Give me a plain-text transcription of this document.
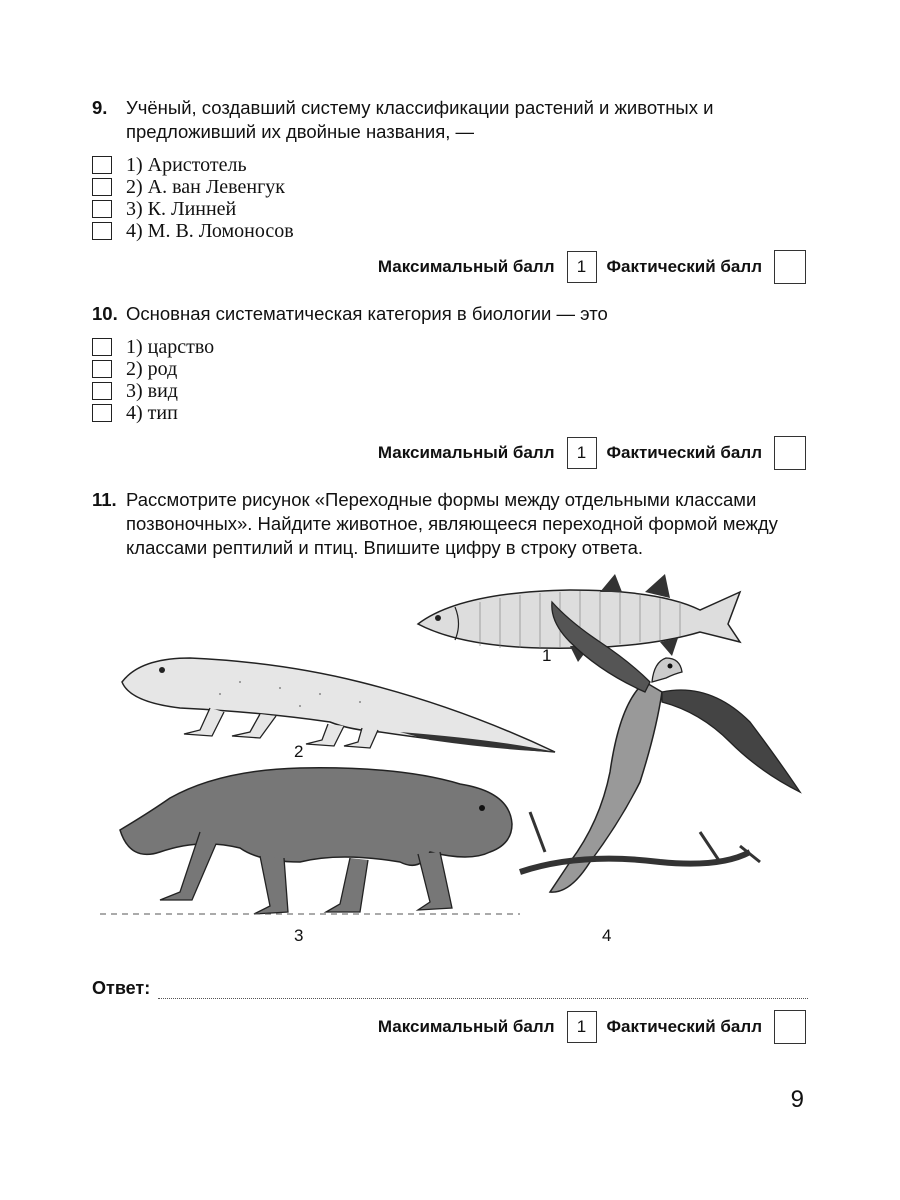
9.	Учёный, создавший систему классификации растений и животных и предложивший их двойные названия, —
1) Аристотель
2) А. ван Левенгук
3) К. Линней
4) М. В. Ломоносов
Максимальный балл	1	Фактический балл
10. Основная систематическая категория в биологии — это
1) царство
2) род
3) вид
4) тип
Максимальный балл	1	Фактический балл
11. Рассмотрите рисунок «Переходные формы между отдельными классами позвоночных». Найдите животное, являющееся переходной формой между классами рептилий и птиц. Впишите цифру в строку ответа.
1
2
3	4
Ответ:
Максимальный балл	1	Фактический балл
9
